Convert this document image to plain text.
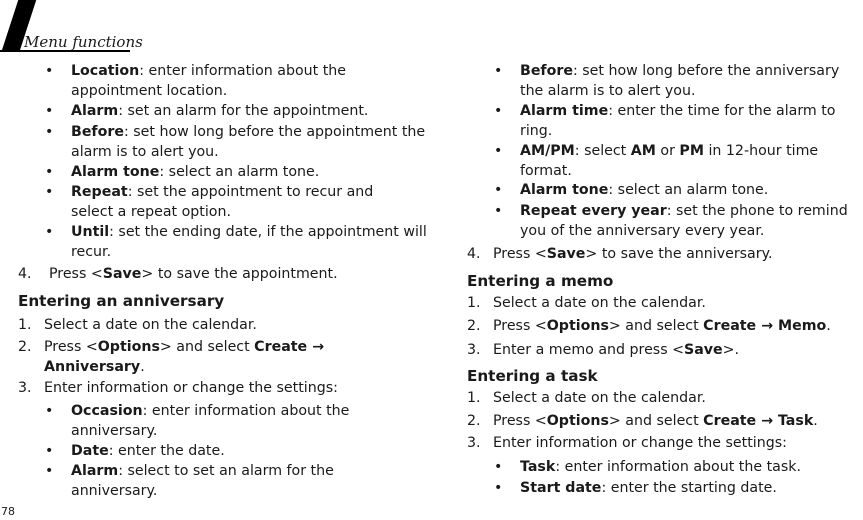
Menu functions
78
• Location: enter information about the appointment location.
• Alarm: set an alarm for the appointment.
• Before: set how long before the appointment the alarm is to alert you.
• Alarm tone: select an alarm tone.
• Repeat: set the appointment to recur and select a repeat option.
• Until: set the ending date, if the appointment will recur.
4.	Press <Save> to save the appointment.
Entering an anniversary
1. Select a date on the calendar.
2. Press <Options> and select Create → Anniversary.
3. Enter information or change the settings:
• Occasion: enter information about the anniversary.
• Date: enter the date.
• Alarm: select to set an alarm for the anniversary.
• Before: set how long before the anniversary the alarm is to alert you.
• Alarm time: enter the time for the alarm to ring.
• AM/PM: select AM or PM in 12-hour time format.
• Alarm tone: select an alarm tone.
• Repeat every year: set the phone to remind you of the anniversary every year.
4. Press <Save> to save the anniversary.
Entering a memo
1. Select a date on the calendar.
2. Press <Options> and select Create → Memo.
3. Enter a memo and press <Save>.
Entering a task
1. Select a date on the calendar.
2. Press <Options> and select Create → Task.
3. Enter information or change the settings:
• Task: enter information about the task.
• Start date: enter the starting date.
